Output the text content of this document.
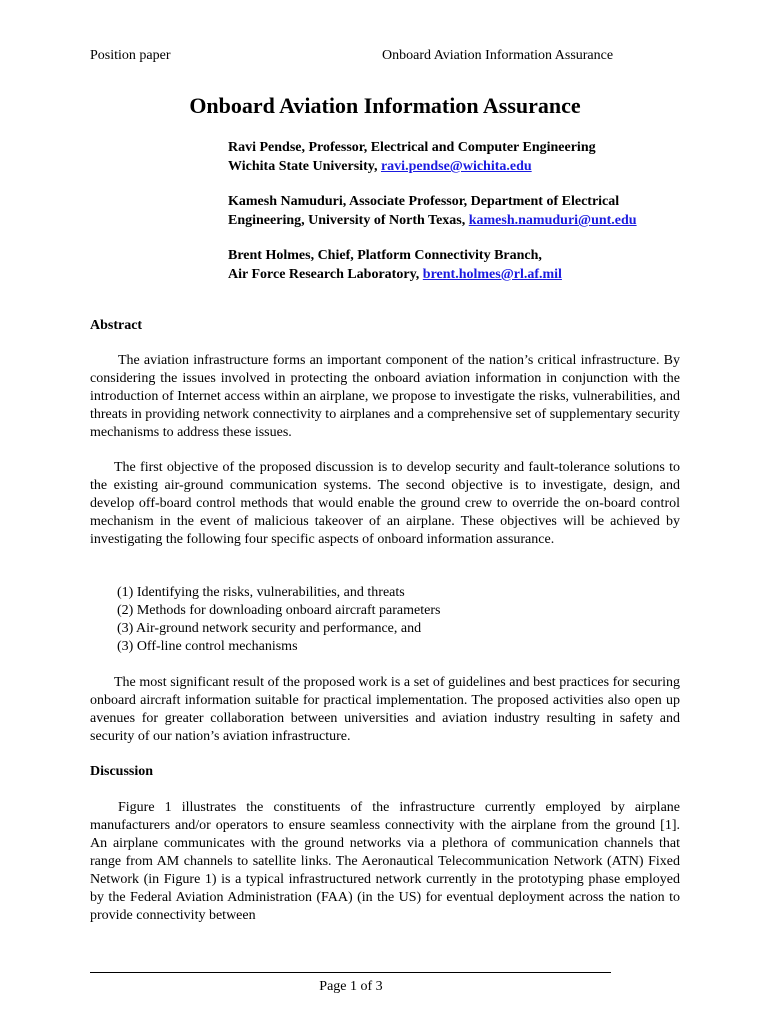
Position paper	Onboard Aviation Information Assurance
Onboard Aviation Information Assurance
Ravi Pendse, Professor, Electrical and Computer Engineering
Wichita State University, ravi.pendse@wichita.edu
Kamesh Namuduri, Associate Professor, Department of Electrical
Engineering, University of North Texas, kamesh.namuduri@unt.edu
Brent Holmes, Chief, Platform Connectivity Branch,
Air Force Research Laboratory, brent.holmes@rl.af.mil
Abstract

The aviation infrastructure forms an important component of the nation’s critical infrastructure. By considering the issues involved in protecting the onboard aviation information in conjunction with the introduction of Internet access within an airplane, we propose to investigate the risks, vulnerabilities, and threats in providing network connectivity to airplanes and a comprehensive set of supplementary security mechanisms to address these issues.

The first objective of the proposed discussion is to develop security and fault-tolerance solutions to the existing air-ground communication systems. The second objective is to investigate, design, and develop off-board control methods that would enable the ground crew to override the on-board control mechanism in the event of malicious takeover of an airplane. These objectives will be achieved by investigating the following four specific aspects of onboard information assurance.

(1) Identifying the risks, vulnerabilities, and threats
(2) Methods for downloading onboard aircraft parameters
(3) Air-ground network security and performance, and
(3) Off-line control mechanisms

The most significant result of the proposed work is a set of guidelines and best practices for securing onboard aircraft information suitable for practical implementation. The proposed activities also open up avenues for greater collaboration between universities and aviation industry resulting in safety and security of our nation’s aviation infrastructure.

Discussion

Figure 1 illustrates the constituents of the infrastructure currently employed by airplane manufacturers and/or operators to ensure seamless connectivity with the airplane from the ground [1]. An airplane communicates with the ground networks via a plethora of communication channels that range from AM channels to satellite links. The Aeronautical Telecommunication Network (ATN) Fixed Network (in Figure 1) is a typical infrastructured network currently in the prototyping phase employed by the Federal Aviation Administration (FAA) (in the US) for eventual deployment across the nation to provide connectivity between

Page 1 of 3
